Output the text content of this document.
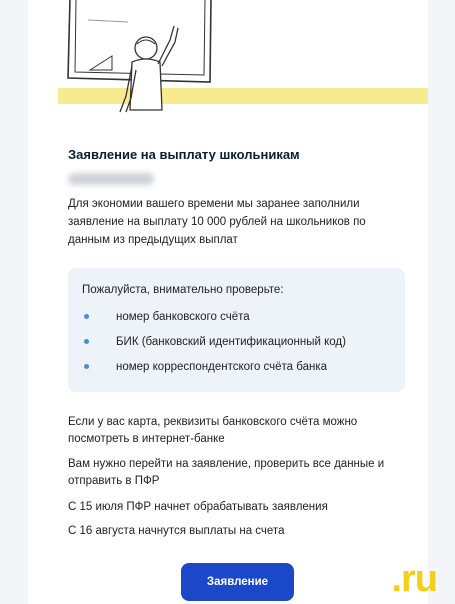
Заявление на выплату школьникам
Для экономии вашего времени мы заранее заполнили заявление на выплату 10 000 рублей на школьников по данным из предыдущих выплат
Пожалуйста, внимательно проверьте:
номер банковского счёта
БИК (банковский идентификационный код)
номер корреспондентского счёта банка
Если у вас карта, реквизиты банковского счёта можно посмотреть в интернет-банке
Вам нужно перейти на заявление, проверить все данные и отправить в ПФР
С 15 июля ПФР начнет обрабатывать заявления
С 16 августа начнутся выплаты на счета
Заявление	.ru
